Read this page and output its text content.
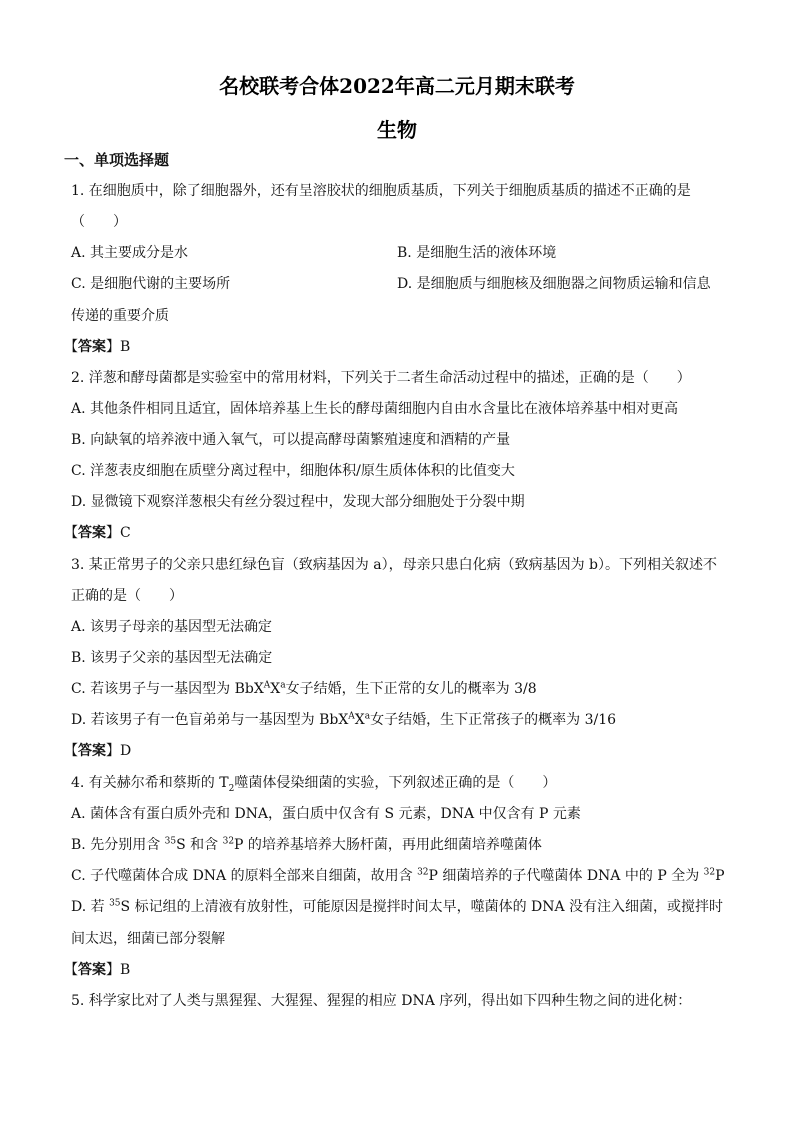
名校联考合体2022年高二元月期末联考
生物
一、单项选择题
1. 在细胞质中，除了细胞器外，还有呈溶胶状的细胞质基质，下列关于细胞质基质的描述不正确的是
（　　）
A. 其主要成分是水	B. 是细胞生活的液体环境
C. 是细胞代谢的主要场所	D. 是细胞质与细胞核及细胞器之间物质运输和信息
传递的重要介质
【答案】B
2. 洋葱和酵母菌都是实验室中的常用材料，下列关于二者生命活动过程中的描述，正确的是（　　）
A. 其他条件相同且适宜，固体培养基上生长的酵母菌细胞内自由水含量比在液体培养基中相对更高
B. 向缺氧的培养液中通入氧气，可以提高酵母菌繁殖速度和酒精的产量
C. 洋葱表皮细胞在质壁分离过程中，细胞体积/原生质体体积的比值变大
D. 显微镜下观察洋葱根尖有丝分裂过程中，发现大部分细胞处于分裂中期
【答案】C
3. 某正常男子的父亲只患红绿色盲（致病基因为 a），母亲只患白化病（致病基因为 b）。下列相关叙述不
正确的是（　　）
A. 该男子母亲的基因型无法确定
B. 该男子父亲的基因型无法确定
C. 若该男子与一基因型为 $BbX^AX^a$女子结婚，生下正常的女儿的概率为 3/8
D. 若该男子有一色盲弟弟与一基因型为 $BbX^AX^a$女子结婚，生下正常孩子的概率为 3/16
【答案】D
4. 有关赫尔希和蔡斯的 $T_2$噬菌体侵染细菌的实验，下列叙述正确的是（　　）
A. 菌体含有蛋白质外壳和 DNA，蛋白质中仅含有 S 元素，DNA 中仅含有 P 元素
B. 先分别用含 $^{35}$S 和含 $^{32}$P 的培养基培养大肠杆菌，再用此细菌培养噬菌体
C. 子代噬菌体合成 DNA 的原料全部来自细菌，故用含 $^{32}$P 细菌培养的子代噬菌体 DNA 中的 P 全为 $^{32}$P
D. 若 $^{35}$S 标记组的上清液有放射性，可能原因是搅拌时间太早，噬菌体的 DNA 没有注入细菌，或搅拌时
间太迟，细菌已部分裂解
【答案】B
5. 科学家比对了人类与黑猩猩、大猩猩、猩猩的相应 DNA 序列，得出如下四种生物之间的进化树：
